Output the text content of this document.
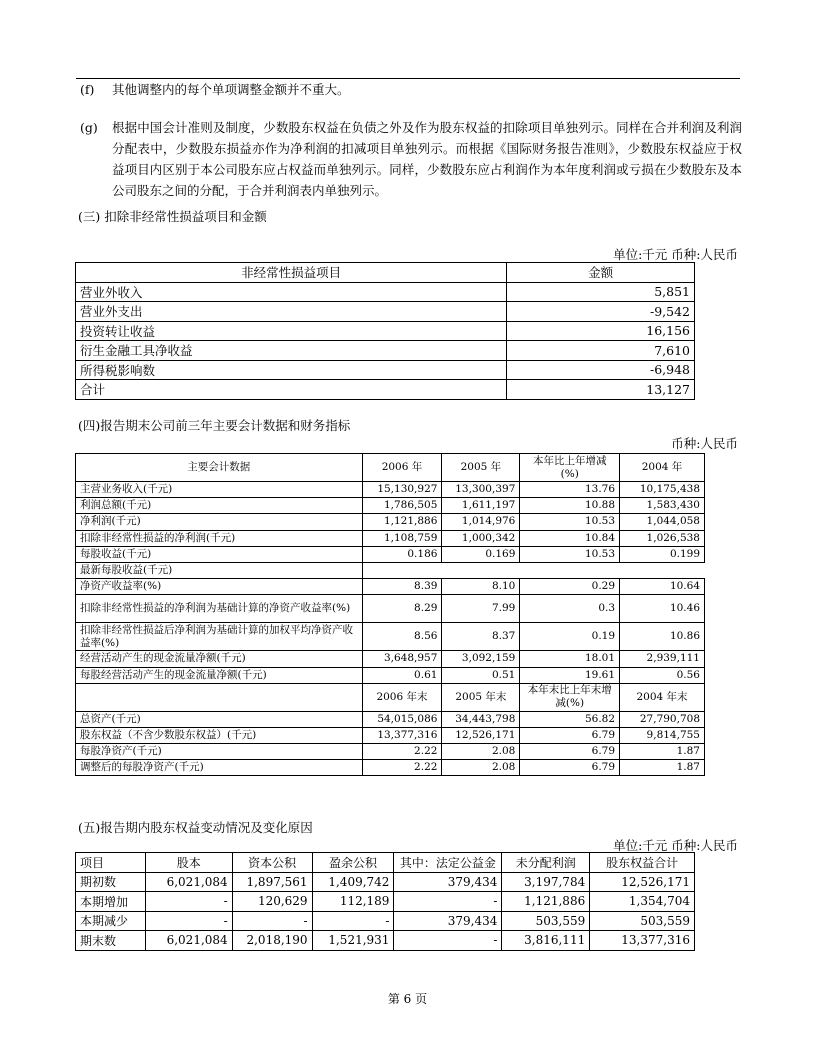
(f) 其他调整内的每个单项调整金额并不重大。
(g) 根据中国会计准则及制度，少数股东权益在负债之外及作为股东权益的扣除项目单独列示。同样在合并利润及利润分配表中，少数股东损益亦作为净利润的扣减项目单独列示。而根据《国际财务报告准则》，少数股东权益应于权益项目内区别于本公司股东应占权益而单独列示。同样，少数股东应占利润作为本年度利润或亏损在少数股东及本公司股东之间的分配，于合并利润表内单独列示。
(三) 扣除非经常性损益项目和金额
单位:千元 币种:人民币
非经常性损益项目	金额
营业外收入	5,851
营业外支出	-9,542
投资转让收益	16,156
衍生金融工具净收益	7,610
所得税影响数	-6,948
合计	13,127
(四)报告期末公司前三年主要会计数据和财务指标
币种:人民币
主要会计数据	2006 年	2005 年	本年比上年增减(%)	2004 年
主营业务收入(千元)	15,130,927	13,300,397	13.76	10,175,438
利润总额(千元)	1,786,505	1,611,197	10.88	1,583,430
净利润(千元)	1,121,886	1,014,976	10.53	1,044,058
扣除非经常性损益的净利润(千元)	1,108,759	1,000,342	10.84	1,026,538
每股收益(千元)	0.186	0.169	10.53	0.199
最新每股收益(千元)				
净资产收益率(%)	8.39	8.10	0.29	10.64
扣除非经常性损益的净利润为基础计算的净资产收益率(%)	8.29	7.99	0.3	10.46
扣除非经常性损益后净利润为基础计算的加权平均净资产收益率(%)	8.56	8.37	0.19	10.86
经营活动产生的现金流量净额(千元)	3,648,957	3,092,159	18.01	2,939,111
每股经营活动产生的现金流量净额(千元)	0.61	0.51	19.61	0.56
	2006 年末	2005 年末	本年末比上年末增减(%)	2004 年末
总资产(千元)	54,015,086	34,443,798	56.82	27,790,708
股东权益（不含少数股东权益）(千元)	13,377,316	12,526,171	6.79	9,814,755
每股净资产(千元)	2.22	2.08	6.79	1.87
调整后的每股净资产(千元)	2.22	2.08	6.79	1.87
(五)报告期内股东权益变动情况及变化原因
单位:千元 币种:人民币
项目	股本	资本公积	盈余公积	其中：法定公益金	未分配利润	股东权益合计
期初数	6,021,084	1,897,561	1,409,742	379,434	3,197,784	12,526,171
本期增加	-	120,629	112,189	-	1,121,886	1,354,704
本期减少	-	-	-	379,434	503,559	503,559
期末数	6,021,084	2,018,190	1,521,931	-	3,816,111	13,377,316
第 6 页
